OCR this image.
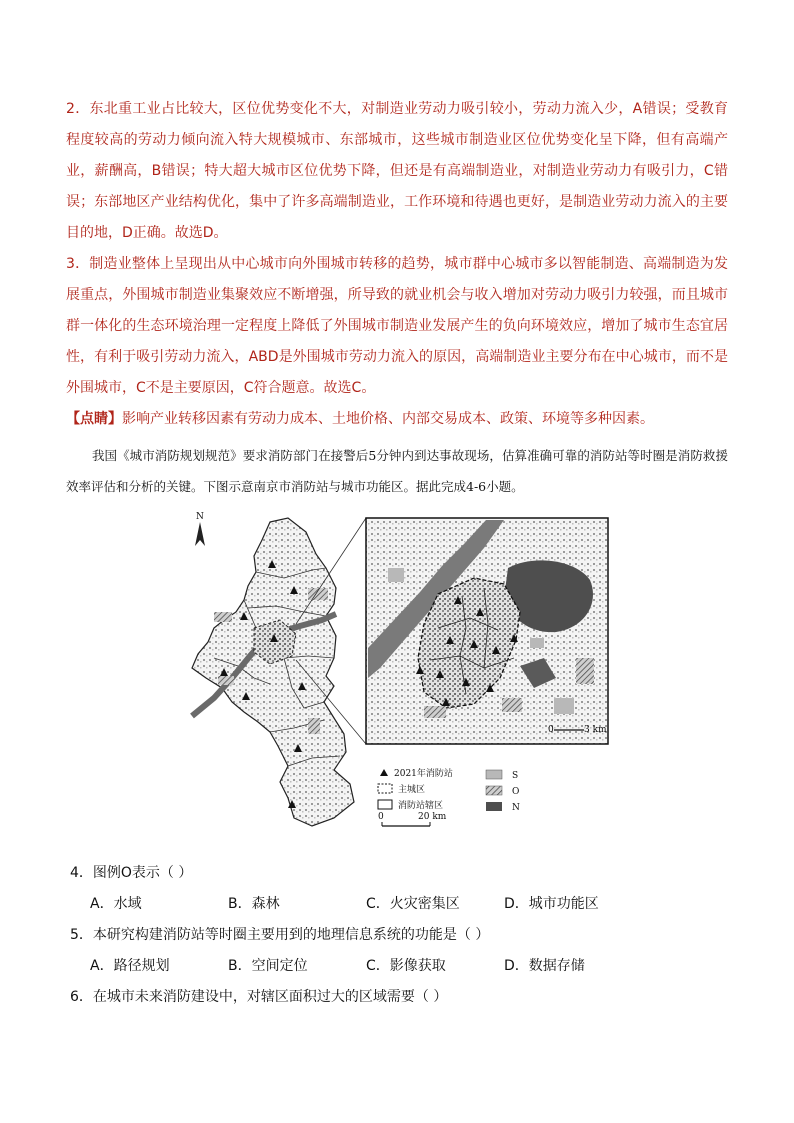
2．东北重工业占比较大，区位优势变化不大，对制造业劳动力吸引较小，劳动力流入少，A错误；受教育程度较高的劳动力倾向流入特大规模城市、东部城市，这些城市制造业区位优势变化呈下降，但有高端产业，薪酬高，B错误；特大超大城市区位优势下降，但还是有高端制造业，对制造业劳动力有吸引力，C错误；东部地区产业结构优化，集中了许多高端制造业，工作环境和待遇也更好，是制造业劳动力流入的主要目的地，D正确。故选D。

3．制造业整体上呈现出从中心城市向外围城市转移的趋势，城市群中心城市多以智能制造、高端制造为发展重点，外围城市制造业集聚效应不断增强，所导致的就业机会与收入增加对劳动力吸引力较强，而且城市群一体化的生态环境治理一定程度上降低了外围城市制造业发展产生的负向环境效应，增加了城市生态宜居性，有利于吸引劳动力流入，ABD是外围城市劳动力流入的原因，高端制造业主要分布在中心城市，而不是外围城市，C不是主要原因，C符合题意。故选C。

【点睛】影响产业转移因素有劳动力成本、土地价格、内部交易成本、政策、环境等多种因素。

我国《城市消防规划规范》要求消防部门在接警后5分钟内到达事故现场，估算准确可靠的消防站等时圈是消防救援效率评估和分析的关键。下图示意南京市消防站与城市功能区。据此完成4-6小题。

N
0	3 km
2021年消防站
主城区
消防站辖区
S
O
N
0	20 km

4．图例O表示（ ）

A．水域	B．森林	C．火灾密集区	D．城市功能区

5．本研究构建消防站等时圈主要用到的地理信息系统的功能是（ ）

A．路径规划	B．空间定位	C．影像获取	D．数据存储

6．在城市未来消防建设中，对辖区面积过大的区域需要（ ）
